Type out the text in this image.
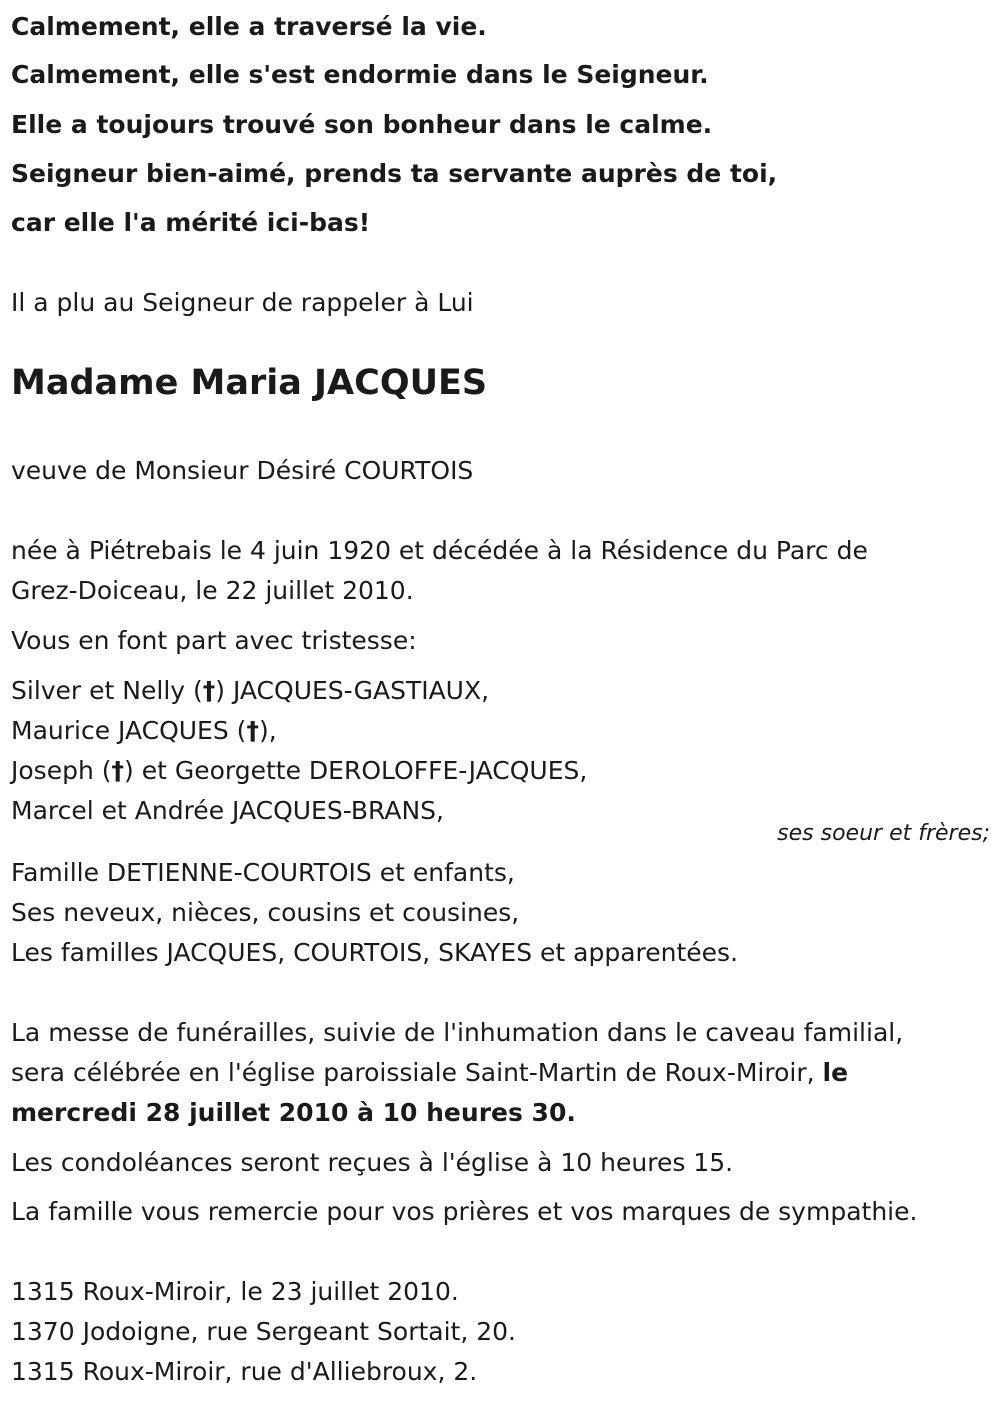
Calmement, elle a traversé la vie.
Calmement, elle s'est endormie dans le Seigneur.
Elle a toujours trouvé son bonheur dans le calme.
Seigneur bien-aimé, prends ta servante auprès de toi,
car elle l'a mérité ici-bas!
Il a plu au Seigneur de rappeler à Lui
Madame Maria JACQUES
veuve de Monsieur Désiré COURTOIS
née à Piétrebais le 4 juin 1920 et décédée à la Résidence du Parc de
Grez-Doiceau, le 22 juillet 2010.
Vous en font part avec tristesse:
Silver et Nelly (†) JACQUES-GASTIAUX,
Maurice JACQUES (†),
Joseph (†) et Georgette DEROLOFFE-JACQUES,
Marcel et Andrée JACQUES-BRANS,
ses soeur et frères;
Famille DETIENNE-COURTOIS et enfants,
Ses neveux, nièces, cousins et cousines,
Les familles JACQUES, COURTOIS, SKAYES et apparentées.
La messe de funérailles, suivie de l'inhumation dans le caveau familial,
sera célébrée en l'église paroissiale Saint-Martin de Roux-Miroir, le
mercredi 28 juillet 2010 à 10 heures 30.
Les condoléances seront reçues à l'église à 10 heures 15.
La famille vous remercie pour vos prières et vos marques de sympathie.
1315 Roux-Miroir, le 23 juillet 2010.
1370 Jodoigne, rue Sergeant Sortait, 20.
1315 Roux-Miroir, rue d'Alliebroux, 2.
